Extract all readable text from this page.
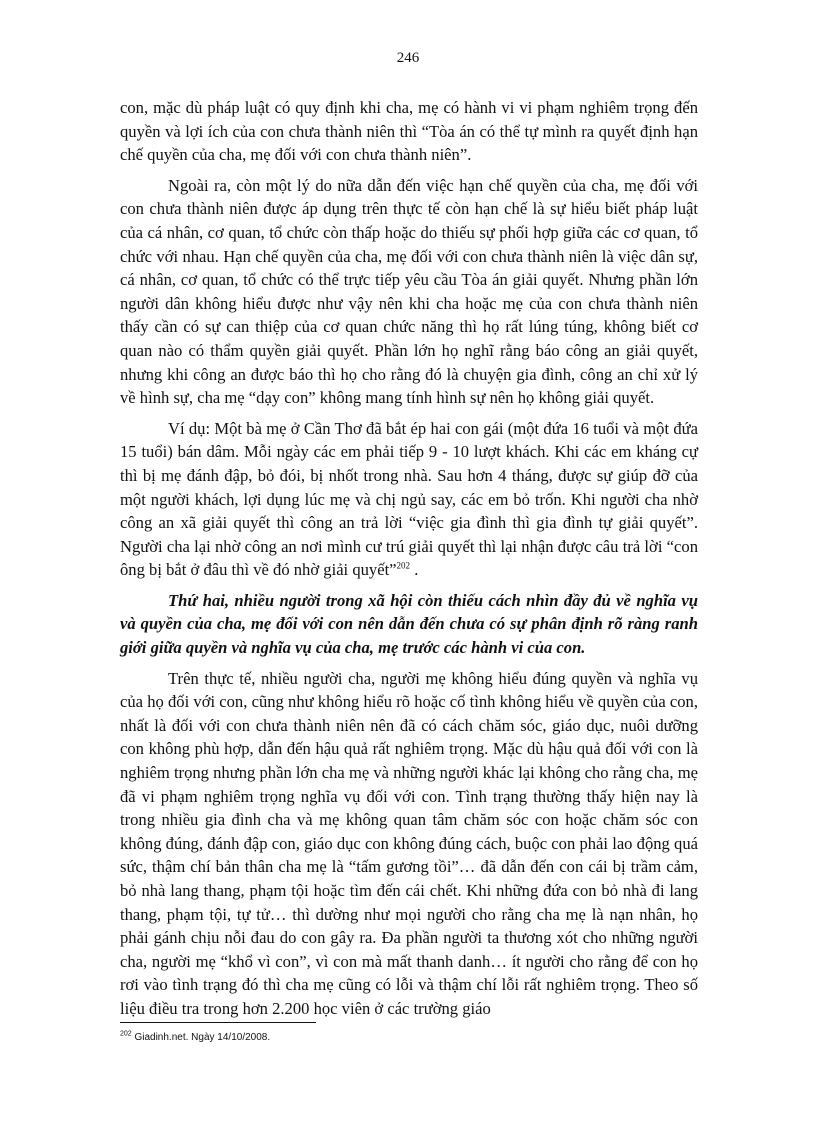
246

con, mặc dù pháp luật có quy định khi cha, mẹ có hành vi vi phạm nghiêm trọng đến quyền và lợi ích của con chưa thành niên thì “Tòa án có thể tự mình ra quyết định hạn chế quyền của cha, mẹ đối với con chưa thành niên”.

Ngoài ra, còn một lý do nữa dẫn đến việc hạn chế quyền của cha, mẹ đối với con chưa thành niên được áp dụng trên thực tế còn hạn chế là sự hiểu biết pháp luật của cá nhân, cơ quan, tổ chức còn thấp hoặc do thiếu sự phối hợp giữa các cơ quan, tổ chức với nhau. Hạn chế quyền của cha, mẹ đối với con chưa thành niên là việc dân sự, cá nhân, cơ quan, tổ chức có thể trực tiếp yêu cầu Tòa án giải quyết. Nhưng phần lớn người dân không hiểu được như vậy nên khi cha hoặc mẹ của con chưa thành niên thấy cần có sự can thiệp của cơ quan chức năng thì họ rất lúng túng, không biết cơ quan nào có thẩm quyền giải quyết. Phần lớn họ nghĩ rằng báo công an giải quyết, nhưng khi công an được báo thì họ cho rằng đó là chuyện gia đình, công an chỉ xử lý về hình sự, cha mẹ “dạy con” không mang tính hình sự nên họ không giải quyết.

Ví dụ: Một bà mẹ ở Cần Thơ đã bắt ép hai con gái (một đứa 16 tuổi và một đứa 15 tuổi) bán dâm. Mỗi ngày các em phải tiếp 9 - 10 lượt khách. Khi các em kháng cự thì bị mẹ đánh đập, bỏ đói, bị nhốt trong nhà. Sau hơn 4 tháng, được sự giúp đỡ của một người khách, lợi dụng lúc mẹ và chị ngủ say, các em bỏ trốn. Khi người cha nhờ công an xã giải quyết thì công an trả lời “việc gia đình thì gia đình tự giải quyết”. Người cha lại nhờ công an nơi mình cư trú giải quyết thì lại nhận được câu trả lời “con ông bị bắt ở đâu thì về đó nhờ giải quyết”$^{202}$ .

Thứ hai, nhiều người trong xã hội còn thiếu cách nhìn đầy đủ về nghĩa vụ và quyền của cha, mẹ đối với con nên dẫn đến chưa có sự phân định rõ ràng ranh giới giữa quyền và nghĩa vụ của cha, mẹ trước các hành vi của con.

Trên thực tế, nhiều người cha, người mẹ không hiểu đúng quyền và nghĩa vụ của họ đối với con, cũng như không hiểu rõ hoặc cố tình không hiểu về quyền của con, nhất là đối với con chưa thành niên nên đã có cách chăm sóc, giáo dục, nuôi dưỡng con không phù hợp, dẫn đến hậu quả rất nghiêm trọng. Mặc dù hậu quả đối với con là nghiêm trọng nhưng phần lớn cha mẹ và những người khác lại không cho rằng cha, mẹ đã vi phạm nghiêm trọng nghĩa vụ đối với con. Tình trạng thường thấy hiện nay là trong nhiều gia đình cha và mẹ không quan tâm chăm sóc con hoặc chăm sóc con không đúng, đánh đập con, giáo dục con không đúng cách, buộc con phải lao động quá sức, thậm chí bản thân cha mẹ là “tấm gương tồi”… đã dẫn đến con cái bị trầm cảm, bỏ nhà lang thang, phạm tội hoặc tìm đến cái chết. Khi những đứa con bỏ nhà đi lang thang, phạm tội, tự tử… thì dường như mọi người cho rằng cha mẹ là nạn nhân, họ phải gánh chịu nỗi đau do con gây ra. Đa phần người ta thương xót cho những người cha, người mẹ “khổ vì con”, vì con mà mất thanh danh… ít người cho rằng để con họ rơi vào tình trạng đó thì cha mẹ cũng có lỗi và thậm chí lỗi rất nghiêm trọng. Theo số liệu điều tra trong hơn 2.200 học viên ở các trường giáo

$^{202}$ Giadinh.net. Ngày 14/10/2008.
